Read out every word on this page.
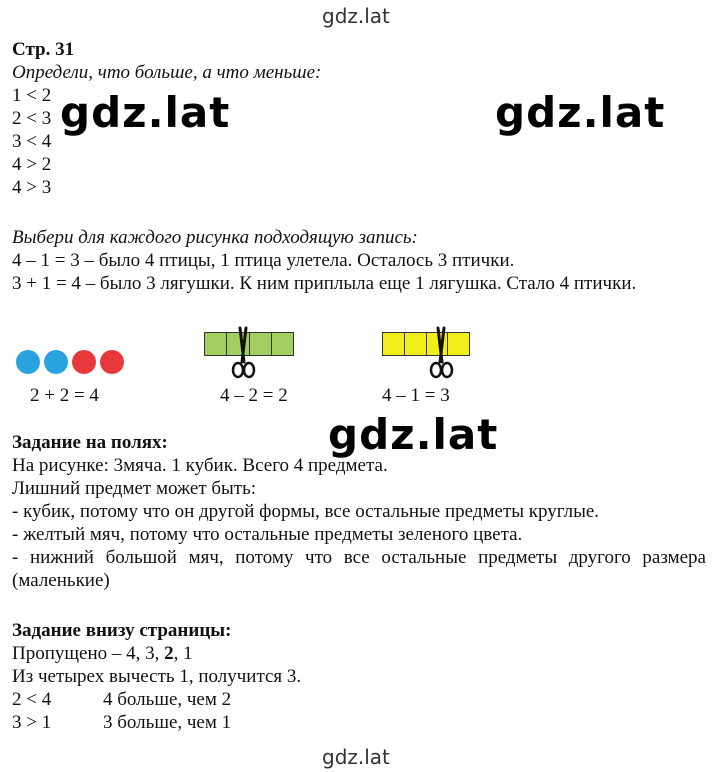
gdz.lat
gdz.lat	gdz.lat
gdz.lat
gdz.lat
Стр. 31
Определи, что больше, а что меньше:
1 < 2
2 < 3
3 < 4
4 > 2
4 > 3
Выбери для каждого рисунка подходящую запись:
4 – 1 = 3 – было 4 птицы, 1 птица улетела. Осталось 3 птички.
3 + 1 = 4 – было 3 лягушки. К ним приплыла еще 1 лягушка. Стало 4 птички.
2 + 2 = 4	4 – 2 = 2	4 – 1 = 3
Задание на полях:
На рисунке: 3мяча. 1 кубик. Всего 4 предмета.
Лишний предмет может быть:
- кубик, потому что он другой формы, все остальные предметы круглые.
- желтый мяч, потому что остальные предметы зеленого цвета.
- нижний большой мяч, потому что все остальные предметы другого размера
(маленькие)
Задание внизу страницы:
Пропущено – 4, 3, 2, 1
Из четырех вычесть 1, получится 3.
2 < 4	4 больше, чем 2
3 > 1	3 больше, чем 1
